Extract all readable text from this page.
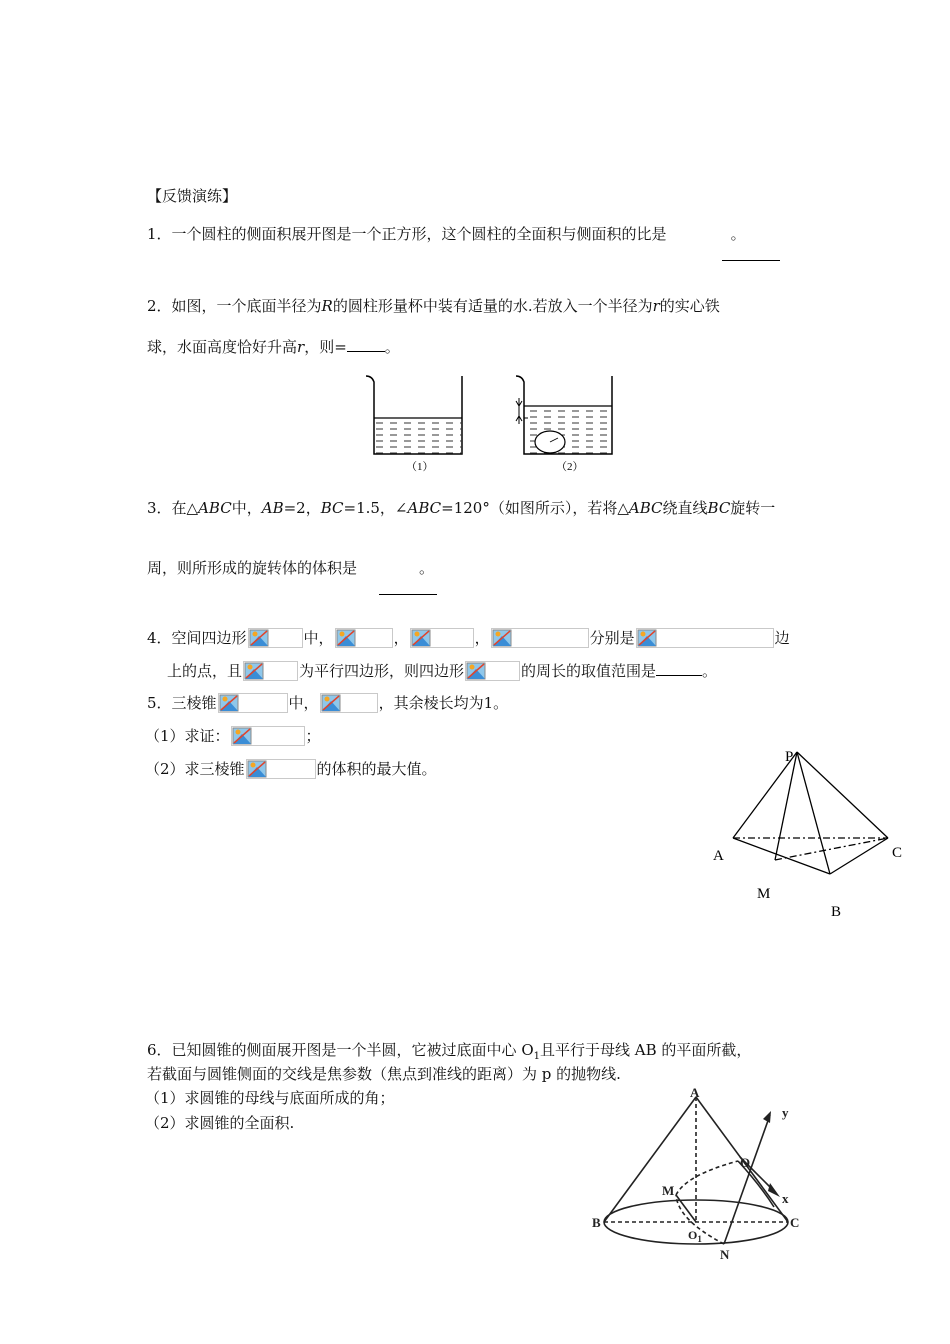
【反馈演练】
1．一个圆柱的侧面积展开图是一个正方形，这个圆柱的全面积与侧面积的比是	。
2．如图，一个底面半径为R的圆柱形量杯中装有适量的水.若放入一个半径为r的实心铁
球，水面高度恰好升高r，则=	。
（1）	（2）
3．在△ABC中，AB=2，BC=1.5，∠ABC=120°（如图所示），若将△ABC绕直线BC旋转一
周，则所形成的旋转体的体积是	。
4．空间四边形	中，	，	，	分别是	边
上的点，且	为平行四边形，则四边形	的周长的取值范围是	。
5．三棱锥	中，	，其余棱长均为1。
（1）求证：	；
（2）求三棱锥	的体积的最大值。
P
A	C
M
B
6．已知圆锥的侧面展开图是一个半圆，它被过底面中心 $O_1$且平行于母线 AB 的平面所截，
若截面与圆锥侧面的交线是焦参数（焦点到准线的距离）为 p 的抛物线.
（1）求圆锥的母线与底面所成的角；
（2）求圆锥的全面积.
A
y
O
M
x
B	C
$O_1$
N
